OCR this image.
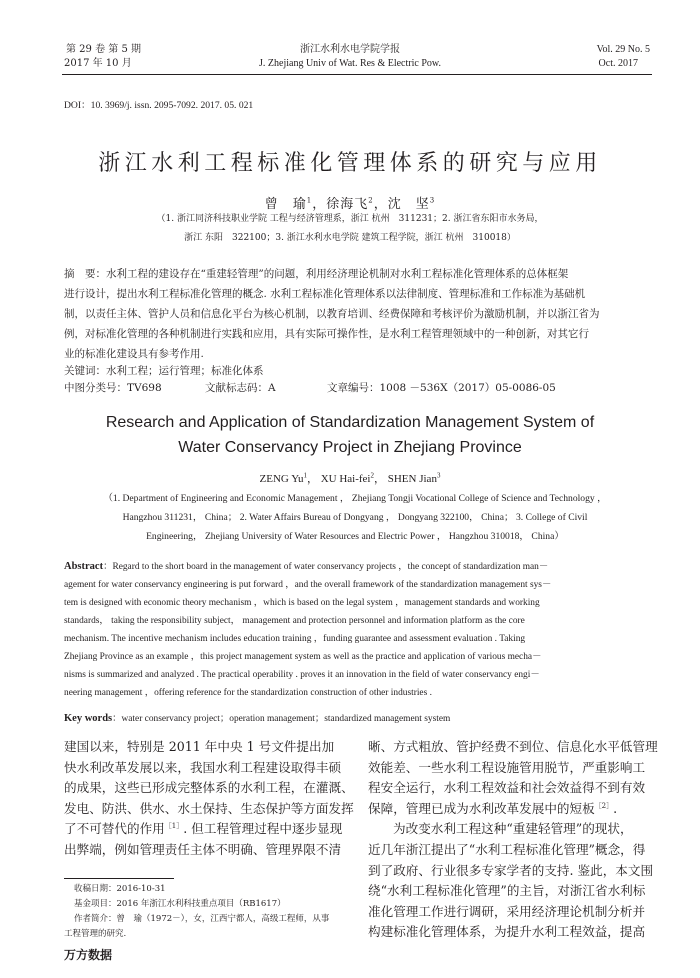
第 29 卷 第 5 期
2017 年 10 月
浙江水利水电学院学报
J. Zhejiang Univ of Wat. Res & Electric Pow.
Vol. 29 No. 5
Oct. 2017
DOI：10. 3969/j. issn. 2095-7092. 2017. 05. 021
浙江水利工程标准化管理体系的研究与应用
曾　瑜$^1$，徐海飞$^2$，沈　坚$^3$
（1. 浙江同济科技职业学院 工程与经济管理系，浙江 杭州　311231；2. 浙江省东阳市水务局，
浙江 东阳　322100；3. 浙江水利水电学院 建筑工程学院，浙江 杭州　310018）
摘　要：水利工程的建设存在“重建轻管理”的问题，利用经济理论机制对水利工程标准化管理体系的总体框架
进行设计，提出水利工程标准化管理的概念. 水利工程标准化管理体系以法律制度、管理标准和工作标准为基础机
制，以责任主体、管护人员和信息化平台为核心机制，以教育培训、经费保障和考核评价为激励机制，并以浙江省为
例，对标准化管理的各种机制进行实践和应用，具有实际可操作性，是水利工程管理领域中的一种创新，对其它行
业的标准化建设具有参考作用.
关键词：水利工程；运行管理；标准化体系
中图分类号：TV698	文献标志码：A	文章编号：1008 －536X（2017）05-0086-05
Research and Application of Standardization Management System of
Water Conservancy Project in Zhejiang Province
ZENG Yu$^1$， XU Hai-fei$^2$， SHEN Jian$^3$
（1. Department of Engineering and Economic Management ， Zhejiang Tongji Vocational College of Science and Technology ，
Hangzhou 311231， China； 2. Water Affairs Bureau of Dongyang ， Dongyang 322100， China； 3. College of Civil
Engineering， Zhejiang University of Water Resources and Electric Power ， Hangzhou 310018， China）
Abstract：Regard to the short board in the management of water conservancy projects ，the concept of standardization man－
agement for water conservancy engineering is put forward ，and the overall framework of the standardization management sys－
tem is designed with economic theory mechanism ，which is based on the legal system ，management standards and working
standards， taking the responsibility subject， management and protection personnel and information platform as the core
mechanism. The incentive mechanism includes education training ，funding guarantee and assessment evaluation . Taking
Zhejiang Province as an example ，this project management system as well as the practice and application of various mecha－
nisms is summarized and analyzed . The practical operability . proves it an innovation in the field of water conservancy engi－
neering management ，offering reference for the standardization construction of other industries .
Key words：water conservancy project；operation management；standardized management system
建国以来，特别是 2011 年中央 1 号文件提出加
快水利改革发展以来，我国水利工程建设取得丰硕
的成果，这些已形成完整体系的水利工程，在灌溉、
发电、防洪、供水、水土保持、生态保护等方面发挥
了不可替代的作用$^{[1]}$. 但工程管理过程中逐步显现
出弊端，例如管理责任主体不明确、管理界限不清
收稿日期：2016-10-31
基金项目：2016 年浙江水利科技重点项目（RB1617）
作者简介：曾　瑜（1972－），女，江西宁都人，高级工程师，从事
工程管理的研究.
万方数据
晰、方式粗放、管护经费不到位、信息化水平低管理
效能差、一些水利工程设施管用脱节，严重影响工
程安全运行，水利工程效益和社会效益得不到有效
保障，管理已成为水利改革发展中的短板$^{[2]}$.
为改变水利工程这种“重建轻管理”的现状，
近几年浙江提出了“水利工程标准化管理”概念，得
到了政府、行业很多专家学者的支持. 鉴此，本文围
绕“水利工程标准化管理”的主旨，对浙江省水利标
准化管理工作进行调研，采用经济理论机制分析并
构建标准化管理体系，为提升水利工程效益，提高
